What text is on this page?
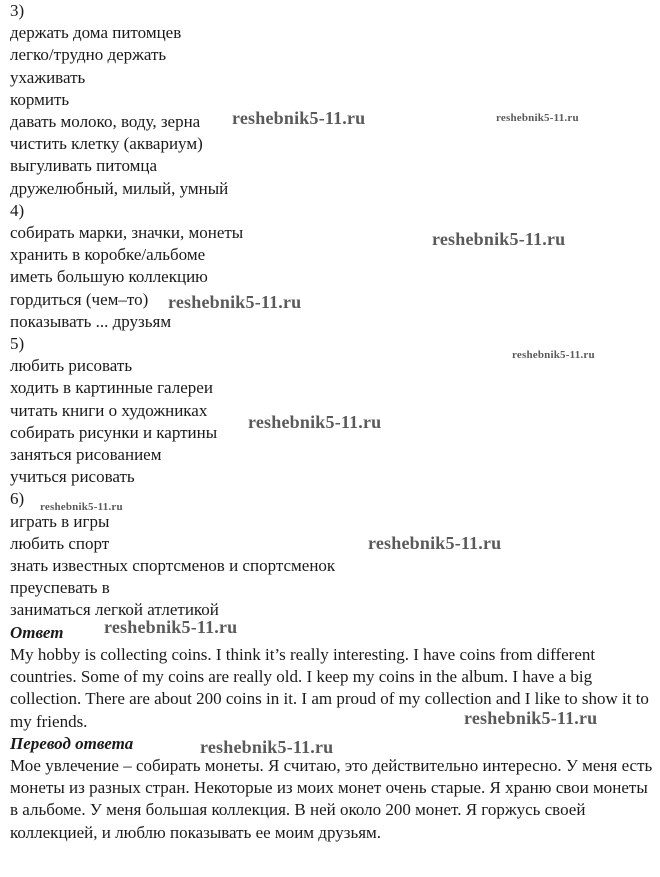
3)
держать дома питомцев
легко/трудно держать
ухаживать
кормить
давать молоко, воду, зерна
чистить клетку (аквариум)
выгуливать питомца
дружелюбный, милый, умный
4)
собирать марки, значки, монеты
хранить в коробке/альбоме
иметь большую коллекцию
гордиться (чем–то)
показывать ... друзьям
5)
любить рисовать
ходить в картинные галереи
читать книги о художниках
собирать рисунки и картины
заняться рисованием
учиться рисовать
6)
играть в игры
любить спорт
знать известных спортсменов и спортсменок
преуспевать в
заниматься легкой атлетикой
Ответ
My hobby is collecting coins. I think it’s really interesting. I have coins from different countries. Some of my coins are really old. I keep my coins in the album. I have a big collection. There are about 200 coins in it. I am proud of my collection and I like to show it to my friends.
Перевод ответа
Мое увлечение – собирать монеты. Я считаю, это действительно интересно. У меня есть монеты из разных стран. Некоторые из моих монет очень старые. Я храню свои монеты в альбоме. У меня большая коллекция. В ней около 200 монет. Я горжусь своей коллекцией, и люблю показывать ее моим друзьям.
reshebnik5-11.ru	reshebnik5-11.ru
reshebnik5-11.ru
reshebnik5-11.ru
reshebnik5-11.ru
reshebnik5-11.ru
reshebnik5-11.ru
reshebnik5-11.ru
reshebnik5-11.ru
reshebnik5-11.ru
reshebnik5-11.ru
